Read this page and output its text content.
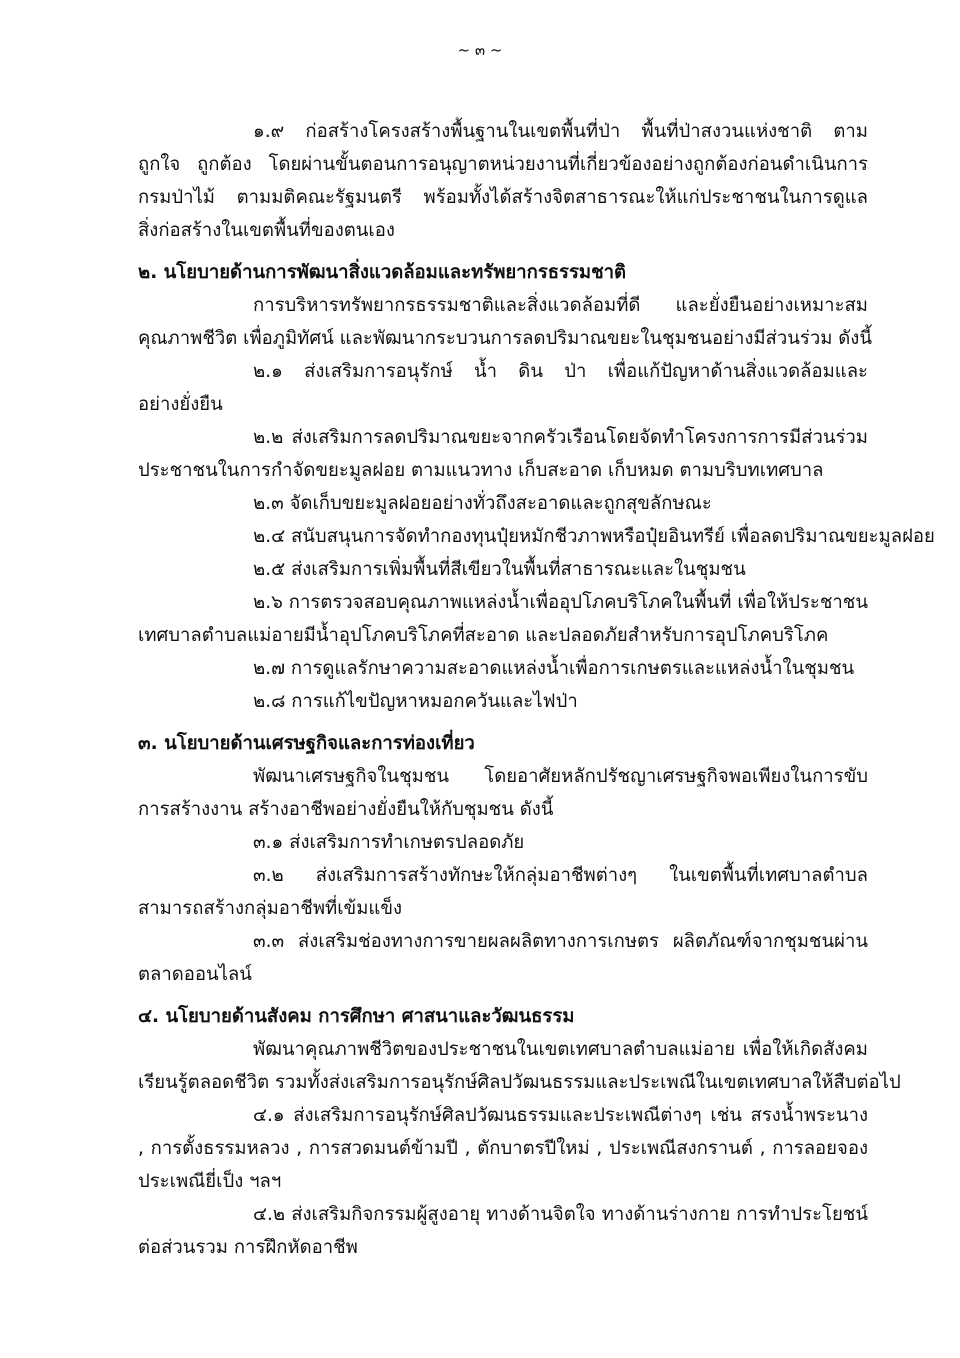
~ ๓ ~
๑.๙ ก่อสร้างโครงสร้างพื้นฐานในเขตพื้นที่ป่า พื้นที่ป่าสงวนแห่งชาติ ตาม
ถูกใจ ถูกต้อง โดยผ่านขั้นตอนการอนุญาตหน่วยงานที่เกี่ยวข้องอย่างถูกต้องก่อนดำเนินการ
กรมป่าไม้ ตามมติคณะรัฐมนตรี พร้อมทั้งได้สร้างจิตสาธารณะให้แก่ประชาชนในการดูแล
สิ่งก่อสร้างในเขตพื้นที่ของตนเอง
๒. นโยบายด้านการพัฒนาสิ่งแวดล้อมและทรัพยากรธรรมชาติ
การบริหารทรัพยากรธรรมชาติและสิ่งแวดล้อมที่ดี และยั่งยืนอย่างเหมาะสม
คุณภาพชีวิต เพื่อภูมิทัศน์ และพัฒนากระบวนการลดปริมาณขยะในชุมชนอย่างมีส่วนร่วม ดังนี้
๒.๑ ส่งเสริมการอนุรักษ์ น้ำ ดิน ป่า เพื่อแก้ปัญหาด้านสิ่งแวดล้อมและ
อย่างยั่งยืน
๒.๒ ส่งเสริมการลดปริมาณขยะจากครัวเรือนโดยจัดทำโครงการการมีส่วนร่วม
ประชาชนในการกำจัดขยะมูลฝอย ตามแนวทาง เก็บสะอาด เก็บหมด ตามบริบทเทศบาล
๒.๓ จัดเก็บขยะมูลฝอยอย่างทั่วถึงสะอาดและถูกสุขลักษณะ
๒.๔ สนับสนุนการจัดทำกองทุนปุ๋ยหมักชีวภาพหรือปุ๋ยอินทรีย์ เพื่อลดปริมาณขยะมูลฝอย
๒.๕ ส่งเสริมการเพิ่มพื้นที่สีเขียวในพื้นที่สาธารณะและในชุมชน
๒.๖ การตรวจสอบคุณภาพแหล่งน้ำเพื่ออุปโภคบริโภคในพื้นที่ เพื่อให้ประชาชน
เทศบาลตำบลแม่อายมีน้ำอุปโภคบริโภคที่สะอาด และปลอดภัยสำหรับการอุปโภคบริโภค
๒.๗ การดูแลรักษาความสะอาดแหล่งน้ำเพื่อการเกษตรและแหล่งน้ำในชุมชน
๒.๘ การแก้ไขปัญหาหมอกควันและไฟป่า
๓. นโยบายด้านเศรษฐกิจและการท่องเที่ยว
พัฒนาเศรษฐกิจในชุมชน โดยอาศัยหลักปรัชญาเศรษฐกิจพอเพียงในการขับ
การสร้างงาน สร้างอาชีพอย่างยั่งยืนให้กับชุมชน ดังนี้
๓.๑ ส่งเสริมการทำเกษตรปลอดภัย
๓.๒ ส่งเสริมการสร้างทักษะให้กลุ่มอาชีพต่างๆ ในเขตพื้นที่เทศบาลตำบล
สามารถสร้างกลุ่มอาชีพที่เข้มแข็ง
๓.๓ ส่งเสริมช่องทางการขายผลผลิตทางการเกษตร ผลิตภัณฑ์จากชุมชนผ่าน
ตลาดออนไลน์
๔. นโยบายด้านสังคม การศึกษา ศาสนาและวัฒนธรรม
พัฒนาคุณภาพชีวิตของประชาชนในเขตเทศบาลตำบลแม่อาย เพื่อให้เกิดสังคม
เรียนรู้ตลอดชีวิต รวมทั้งส่งเสริมการอนุรักษ์ศิลปวัฒนธรรมและประเพณีในเขตเทศบาลให้สืบต่อไป
๔.๑ ส่งเสริมการอนุรักษ์ศิลปวัฒนธรรมและประเพณีต่างๆ เช่น สรงน้ำพระนาง
, การตั้งธรรมหลวง , การสวดมนต์ข้ามปี , ตักบาตรปีใหม่ , ประเพณีสงกรานต์ , การลอยจอง
ประเพณียี่เป็ง ฯลฯ
๔.๒ ส่งเสริมกิจกรรมผู้สูงอายุ ทางด้านจิตใจ ทางด้านร่างกาย การทำประโยชน์
ต่อส่วนรวม การฝึกหัดอาชีพ
